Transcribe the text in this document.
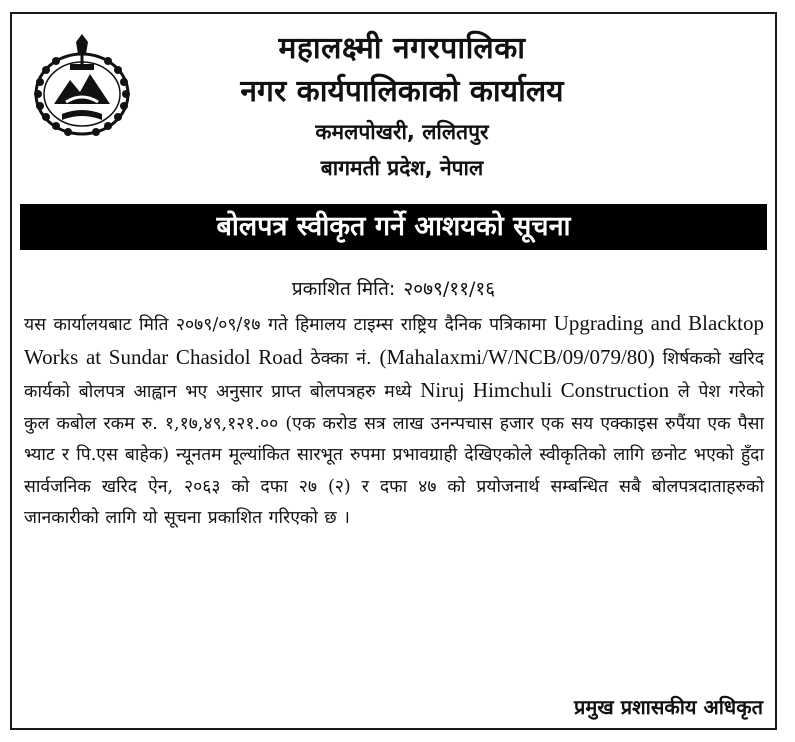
महालक्ष्मी नगरपालिका
नगर कार्यपालिकाको कार्यालय
कमलपोखरी, ललितपुर
बागमती प्रदेश, नेपाल
बोलपत्र स्वीकृत गर्ने आशयको सूचना
प्रकाशित मिति: २०७९/११/१६
यस कार्यालयबाट मिति २०७९/०९/१७ गते हिमालय टाइम्स राष्ट्रिय दैनिक पत्रिकामा Upgrading and Blacktop Works at Sundar Chasidol Road ठेक्का नं. (Mahalaxmi/W/NCB/09/079/80) शिर्षकको खरिद कार्यको बोलपत्र आह्वान भए अनुसार प्राप्त बोलपत्रहरु मध्ये Niruj Himchuli Construction ले पेश गरेको कुल कबोल रकम रु. १,१७,४९,१२१.०० (एक करोड सत्र लाख उनन्पचास हजार एक सय एक्काइस रुपैंया एक पैसा भ्याट र पि.एस बाहेक) न्यूनतम मूल्यांकित सारभूत रुपमा प्रभावग्राही देखिएकोले स्वीकृतिको लागि छनोट भएको हुँदा सार्वजनिक खरिद ऐन, २०६३ को दफा २७ (२) र दफा ४७ को प्रयोजनार्थ सम्बन्धित सबै बोलपत्रदाताहरुको जानकारीको लागि यो सूचना प्रकाशित गरिएको छ ।
प्रमुख प्रशासकीय अधिकृत
